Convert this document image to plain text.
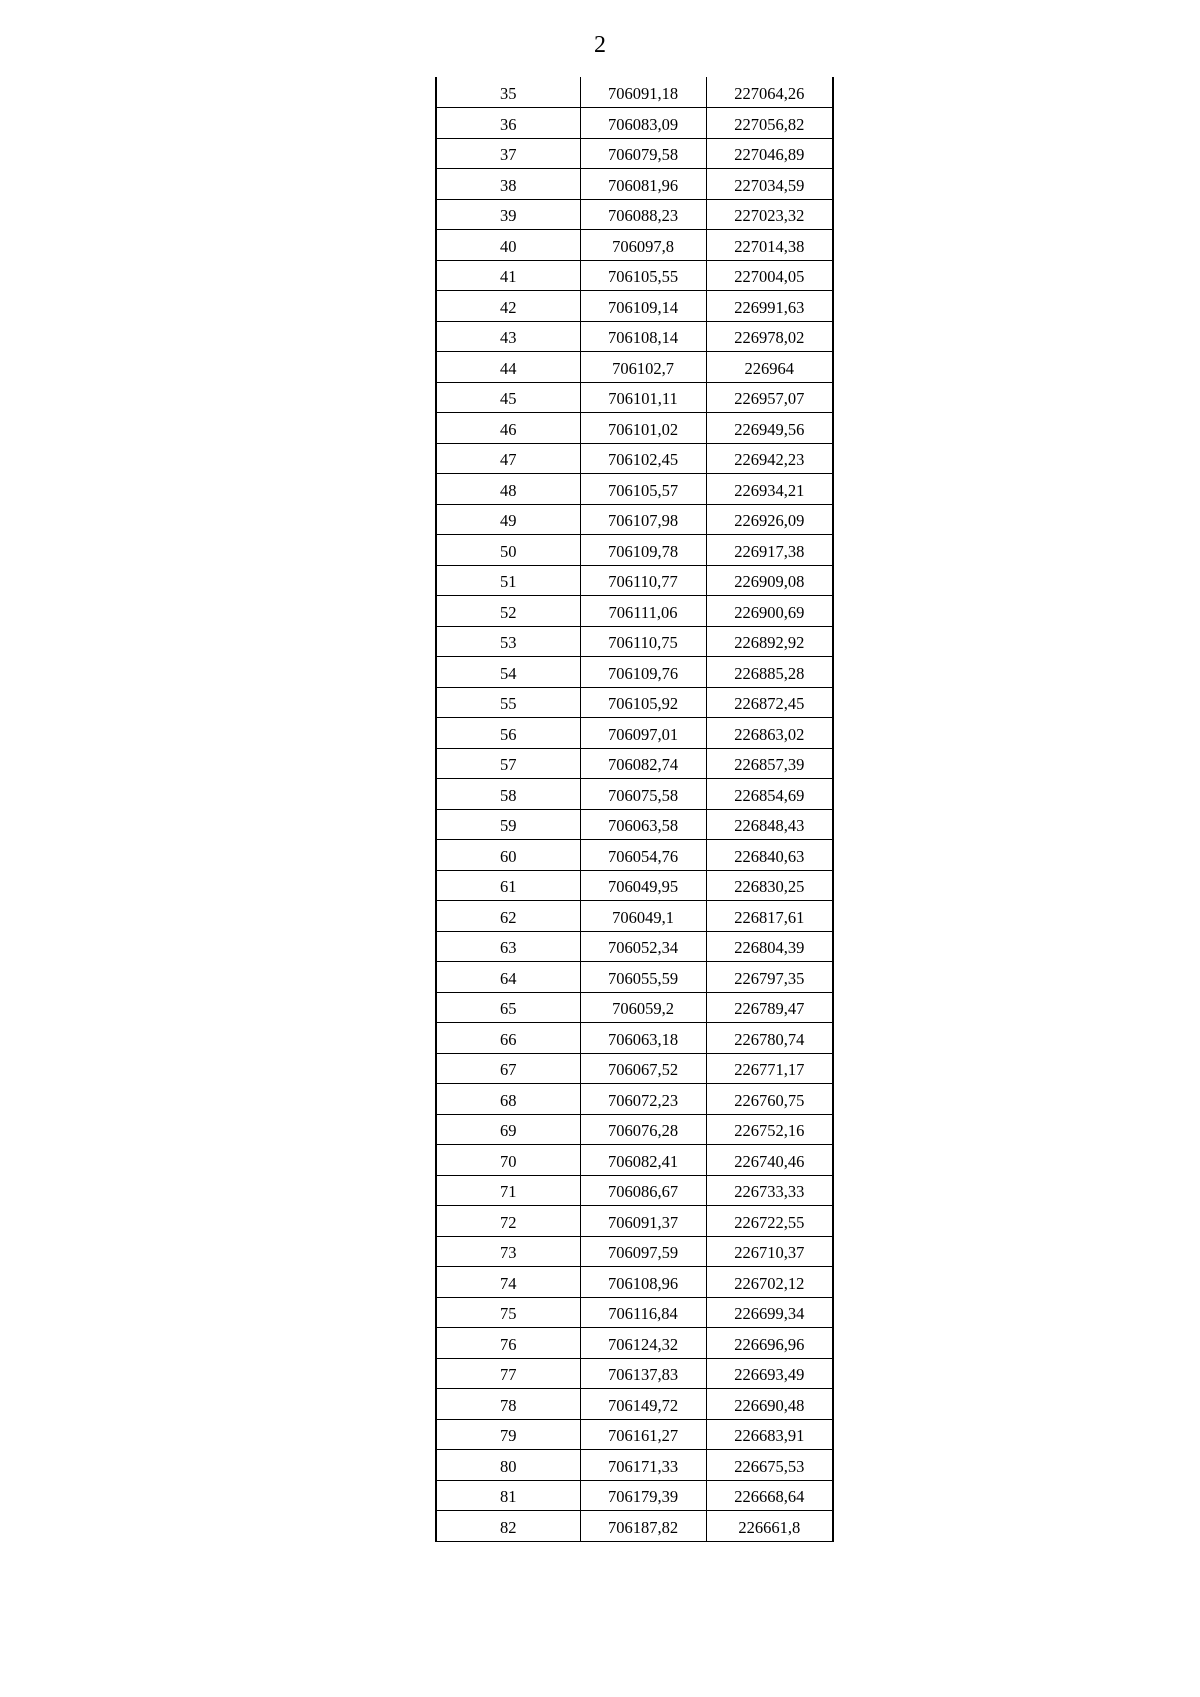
2
35	706091,18	227064,26
36	706083,09	227056,82
37	706079,58	227046,89
38	706081,96	227034,59
39	706088,23	227023,32
40	706097,8	227014,38
41	706105,55	227004,05
42	706109,14	226991,63
43	706108,14	226978,02
44	706102,7	226964
45	706101,11	226957,07
46	706101,02	226949,56
47	706102,45	226942,23
48	706105,57	226934,21
49	706107,98	226926,09
50	706109,78	226917,38
51	706110,77	226909,08
52	706111,06	226900,69
53	706110,75	226892,92
54	706109,76	226885,28
55	706105,92	226872,45
56	706097,01	226863,02
57	706082,74	226857,39
58	706075,58	226854,69
59	706063,58	226848,43
60	706054,76	226840,63
61	706049,95	226830,25
62	706049,1	226817,61
63	706052,34	226804,39
64	706055,59	226797,35
65	706059,2	226789,47
66	706063,18	226780,74
67	706067,52	226771,17
68	706072,23	226760,75
69	706076,28	226752,16
70	706082,41	226740,46
71	706086,67	226733,33
72	706091,37	226722,55
73	706097,59	226710,37
74	706108,96	226702,12
75	706116,84	226699,34
76	706124,32	226696,96
77	706137,83	226693,49
78	706149,72	226690,48
79	706161,27	226683,91
80	706171,33	226675,53
81	706179,39	226668,64
82	706187,82	226661,8
